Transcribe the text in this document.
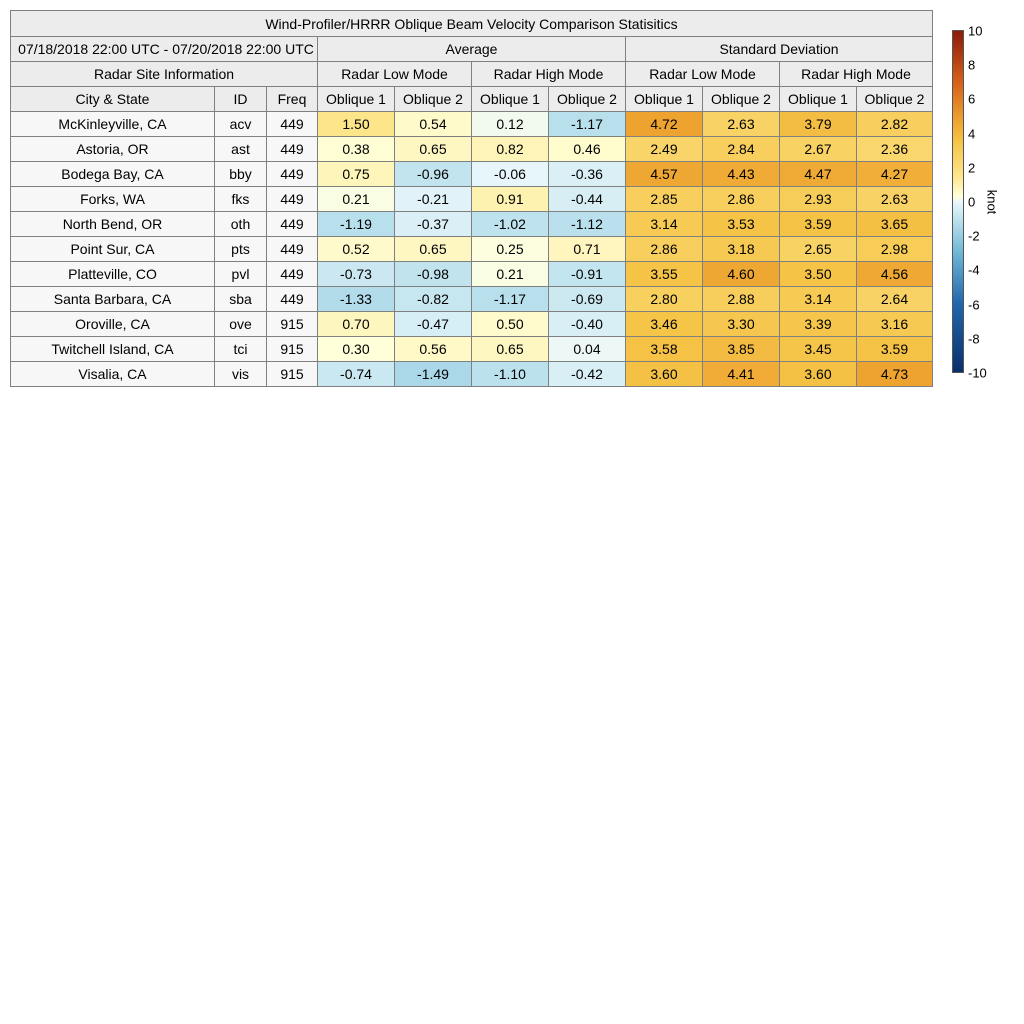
Wind-Profiler/HRRR Oblique Beam Velocity Comparison Statisitics										
07/18/2018 22:00 UTC - 07/20/2018 22:00 UTC			Average				Standard Deviation			
Radar Site Information			Radar Low Mode		Radar High Mode		Radar Low Mode		Radar High Mode	
City & State	ID	Freq	Oblique 1	Oblique 2	Oblique 1	Oblique 2	Oblique 1	Oblique 2	Oblique 1	Oblique 2
McKinleyville, CA	acv	449	1.50	0.54	0.12	-1.17	4.72	2.63	3.79	2.82
Astoria, OR	ast	449	0.38	0.65	0.82	0.46	2.49	2.84	2.67	2.36
Bodega Bay, CA	bby	449	0.75	-0.96	-0.06	-0.36	4.57	4.43	4.47	4.27
Forks, WA	fks	449	0.21	-0.21	0.91	-0.44	2.85	2.86	2.93	2.63
North Bend, OR	oth	449	-1.19	-0.37	-1.02	-1.12	3.14	3.53	3.59	3.65
Point Sur, CA	pts	449	0.52	0.65	0.25	0.71	2.86	3.18	2.65	2.98
Platteville, CO	pvl	449	-0.73	-0.98	0.21	-0.91	3.55	4.60	3.50	4.56
Santa Barbara, CA	sba	449	-1.33	-0.82	-1.17	-0.69	2.80	2.88	3.14	2.64
Oroville, CA	ove	915	0.70	-0.47	0.50	-0.40	3.46	3.30	3.39	3.16
Twitchell Island, CA	tci	915	0.30	0.56	0.65	0.04	3.58	3.85	3.45	3.59
Visalia, CA	vis	915	-0.74	-1.49	-1.10	-0.42	3.60	4.41	3.60	4.73
10
8
6
4
2
0
-2
-4
-6
-8
-10
knot
